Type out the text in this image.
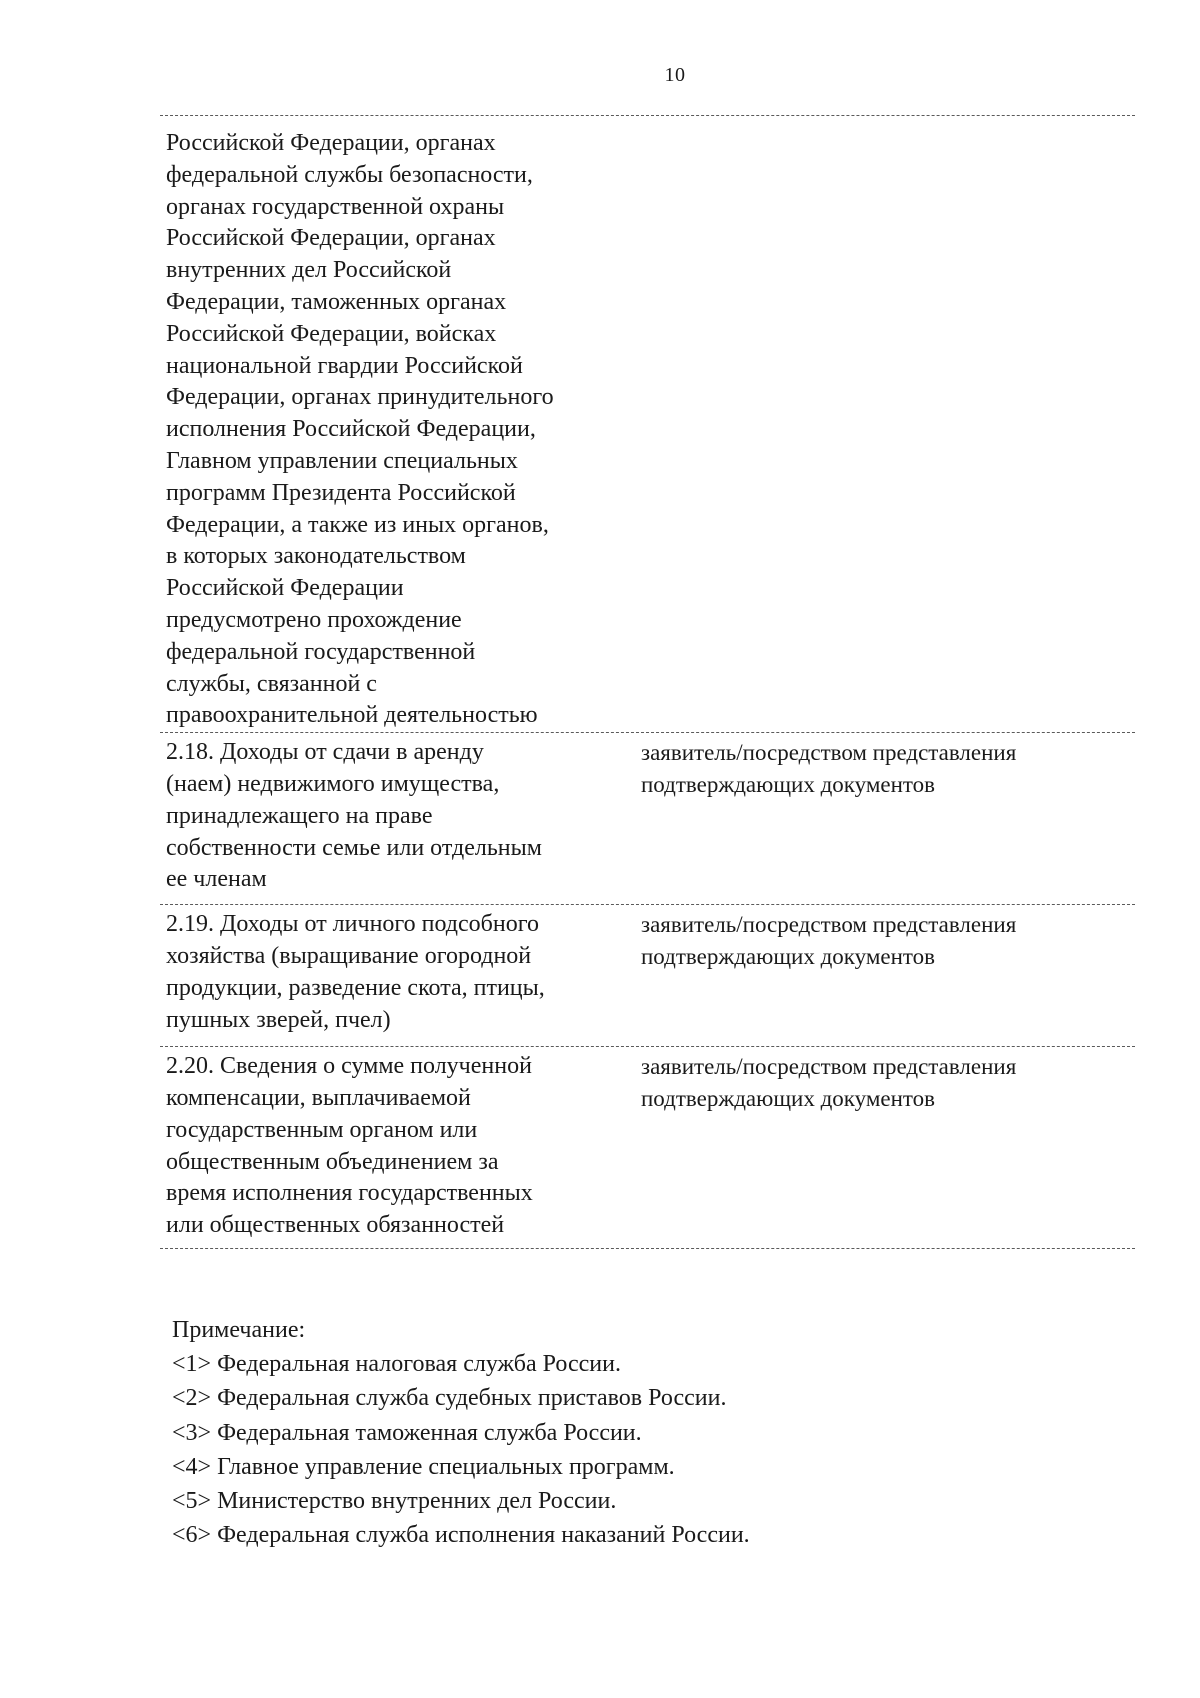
10
Российской Федерации, органах
федеральной службы безопасности,
органах государственной охраны
Российской Федерации, органах
внутренних дел Российской
Федерации, таможенных органах
Российской Федерации, войсках
национальной гвардии Российской
Федерации, органах принудительного
исполнения Российской Федерации,
Главном управлении специальных
программ Президента Российской
Федерации, а также из иных органов,
в которых законодательством
Российской Федерации
предусмотрено прохождение
федеральной государственной
службы, связанной с
правоохранительной деятельностью
2.18. Доходы от сдачи в аренду
(наем) недвижимого имущества,
принадлежащего на праве
собственности семье или отдельным
ее членам
заявитель/посредством представления
подтверждающих документов
2.19. Доходы от личного подсобного
хозяйства (выращивание огородной
продукции, разведение скота, птицы,
пушных зверей, пчел)
заявитель/посредством представления
подтверждающих документов
2.20. Сведения о сумме полученной
компенсации, выплачиваемой
государственным органом или
общественным объединением за
время исполнения государственных
или общественных обязанностей
заявитель/посредством представления
подтверждающих документов
Примечание:
<1> Федеральная налоговая служба России.
<2> Федеральная служба судебных приставов России.
<3> Федеральная таможенная служба России.
<4> Главное управление специальных программ.
<5> Министерство внутренних дел России.
<6> Федеральная служба исполнения наказаний России.
